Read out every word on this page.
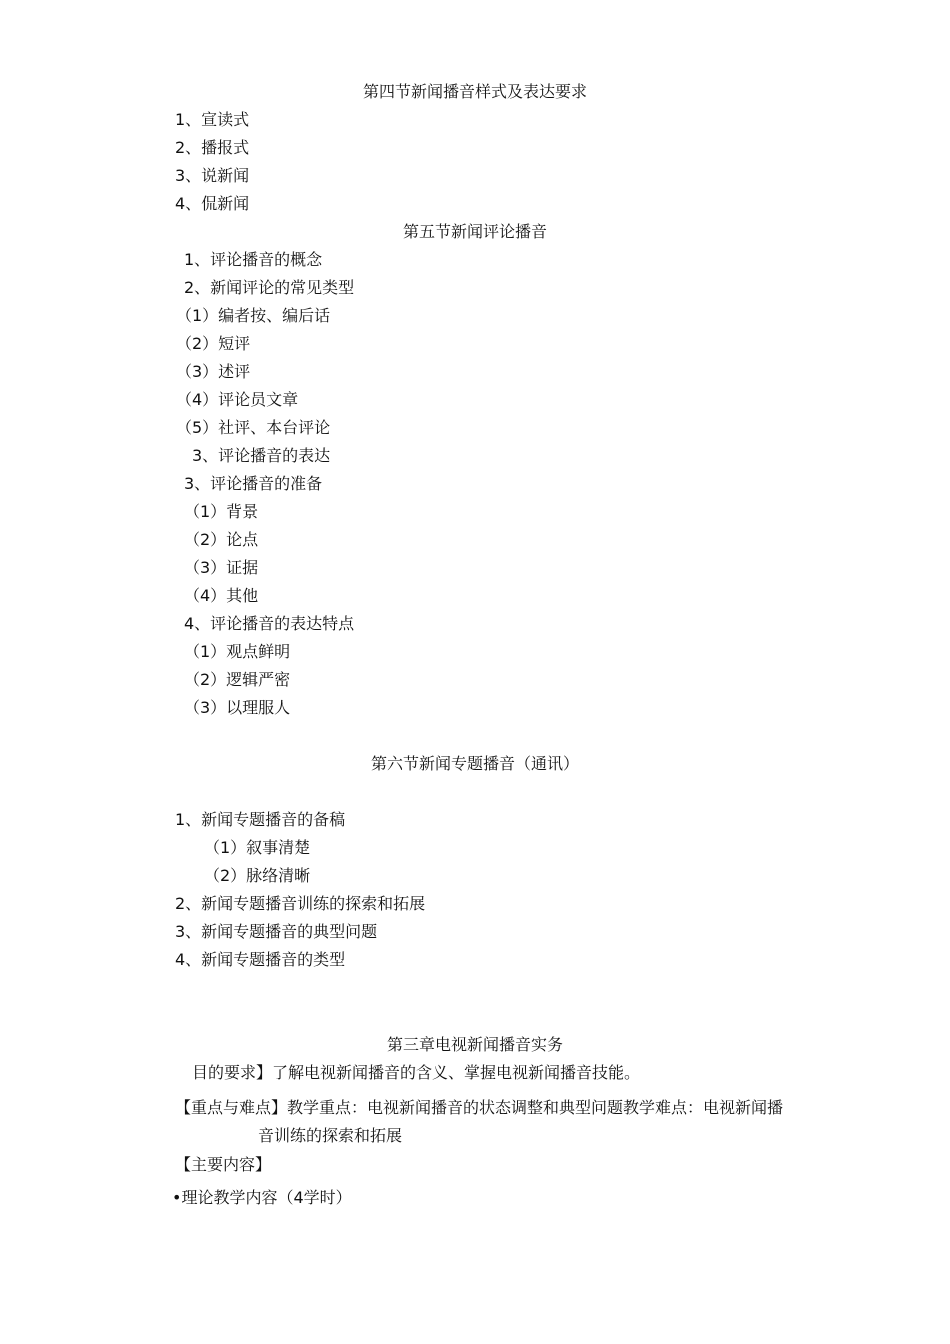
第四节新闻播音样式及表达要求
1、宣读式
2、播报式
3、说新闻
4、侃新闻
第五节新闻评论播音
1、评论播音的概念
2、新闻评论的常见类型
（1）编者按、编后话
（2）短评
（3）述评
（4）评论员文章
（5）社评、本台评论
3、评论播音的表达
3、评论播音的准备
（1）背景
（2）论点
（3）证据
（4）其他
4、评论播音的表达特点
（1）观点鲜明
（2）逻辑严密
（3）以理服人
第六节新闻专题播音（通讯）
1、新闻专题播音的备稿
（1）叙事清楚
（2）脉络清晰
2、新闻专题播音训练的探索和拓展
3、新闻专题播音的典型问题
4、新闻专题播音的类型
第三章电视新闻播音实务
目的要求】了解电视新闻播音的含义、掌握电视新闻播音技能。
【重点与难点】教学重点：电视新闻播音的状态调整和典型问题教学难点：电视新闻播
音训练的探索和拓展
【主要内容】
•理论教学内容（4学时）
